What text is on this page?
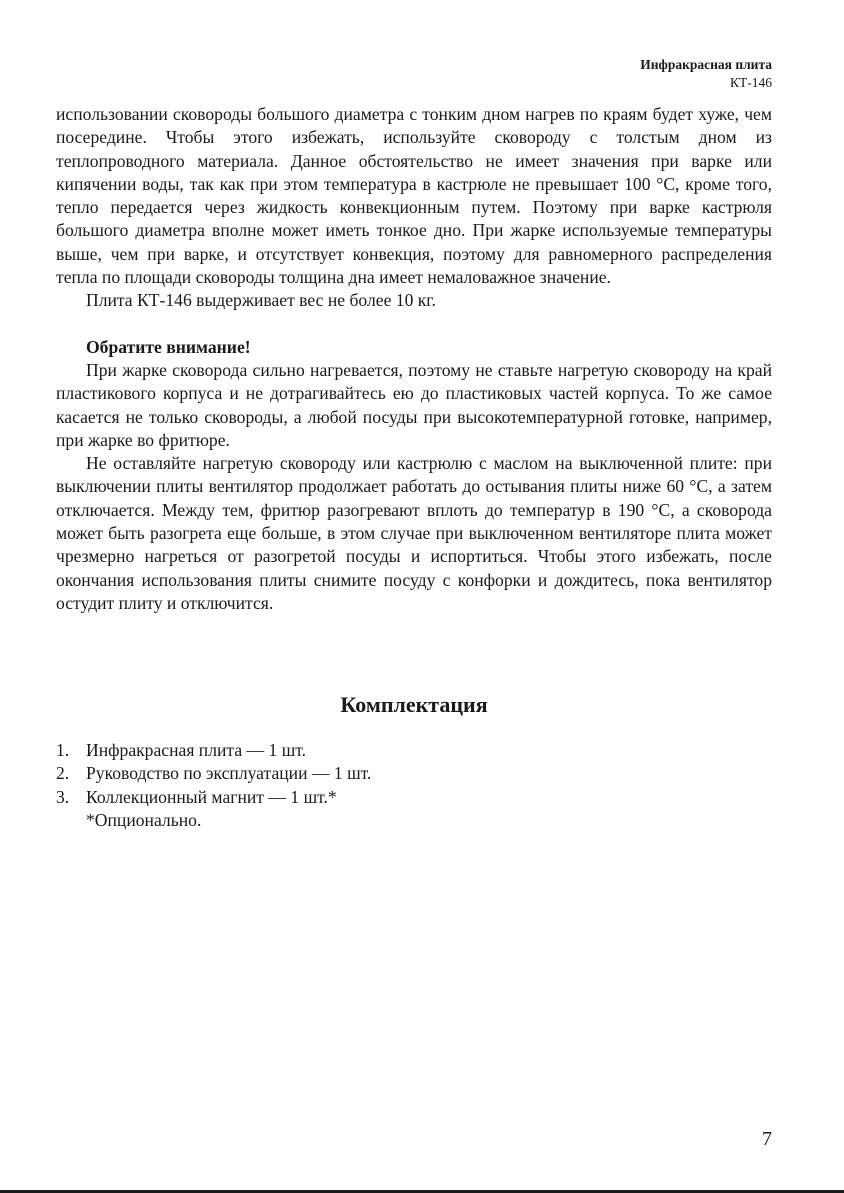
Инфракрасная плита
КТ-146

использовании сковороды большого диаметра с тонким дном нагрев по краям будет хуже, чем посередине. Чтобы этого избежать, используйте сковороду с толстым дном из теплопроводного материала. Данное обстоятельство не имеет значения при варке или кипячении воды, так как при этом температура в кастрюле не превышает 100 °С, кроме того, тепло передается через жидкость конвекционным путем. Поэтому при варке кастрюля большого диаметра вполне может иметь тонкое дно. При жарке используемые температуры выше, чем при варке, и отсутствует конвекция, поэтому для равномерного распределения тепла по площади сковороды толщина дна имеет немаловажное значение.

Плита КТ-146 выдерживает вес не более 10 кг.

Обратите внимание!

При жарке сковорода сильно нагревается, поэтому не ставьте нагретую сковороду на край пластикового корпуса и не дотрагивайтесь ею до пластиковых частей корпуса. То же самое касается не только сковороды, а любой посуды при высокотемпературной готовке, например, при жарке во фритюре.

Не оставляйте нагретую сковороду или кастрюлю с маслом на выключенной плите: при выключении плиты вентилятор продолжает работать до остывания плиты ниже 60 °С, а затем отключается. Между тем, фритюр разогревают вплоть до температур в 190 °С, а сковорода может быть разогрета еще больше, в этом случае при выключенном вентиляторе плита может чрезмерно нагреться от разогретой посуды и испортиться. Чтобы этого избежать, после окончания использования плиты снимите посуду с конфорки и дождитесь, пока вентилятор остудит плиту и отключится.

Комплектация
1. Инфракрасная плита — 1 шт.
2. Руководство по эксплуатации — 1 шт.
3. Коллекционный магнит — 1 шт.*
*Опционально.
7
